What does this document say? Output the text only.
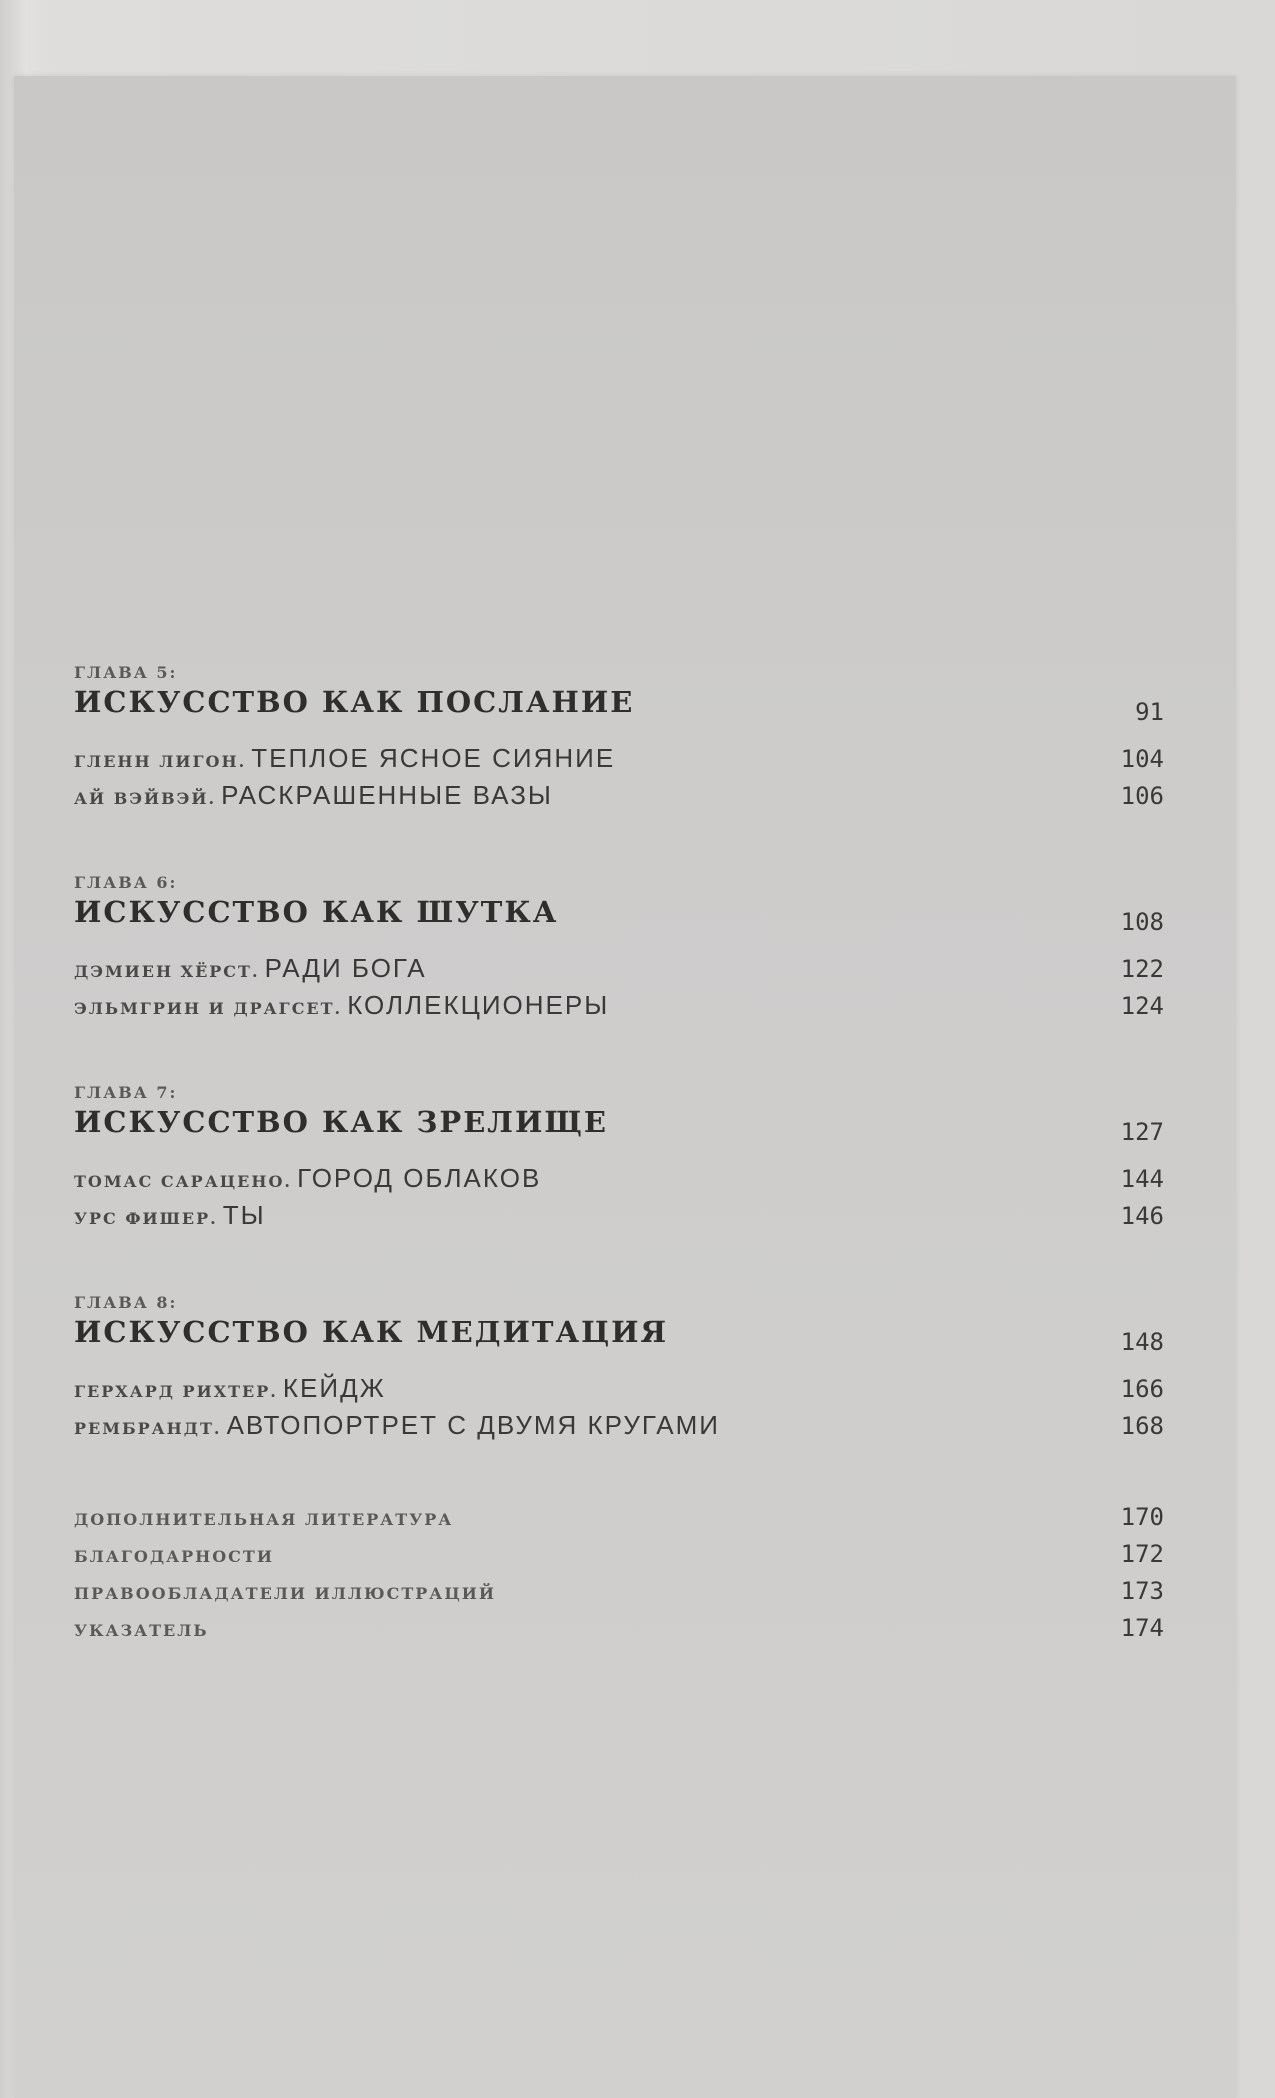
ГЛАВА 5:
ИСКУССТВО КАК ПОСЛАНИЕ	91
ГЛЕНН ЛИГОН. ТЕПЛОЕ ЯСНОЕ СИЯНИЕ	104
АЙ ВЭЙВЭЙ. РАСКРАШЕННЫЕ ВАЗЫ	106
ГЛАВА 6:
ИСКУССТВО КАК ШУТКА	108
ДЭМИЕН ХЁРСТ. РАДИ БОГА	122
ЭЛЬМГРИН И ДРАГСЕТ. КОЛЛЕКЦИОНЕРЫ	124
ГЛАВА 7:
ИСКУССТВО КАК ЗРЕЛИЩЕ	127
ТОМАС САРАЦЕНО. ГОРОД ОБЛАКОВ	144
УРС ФИШЕР. ТЫ	146
ГЛАВА 8:
ИСКУССТВО КАК МЕДИТАЦИЯ	148
ГЕРХАРД РИХТЕР. КЕЙДЖ	166
РЕМБРАНДТ. АВТОПОРТРЕТ С ДВУМЯ КРУГАМИ	168
ДОПОЛНИТЕЛЬНАЯ ЛИТЕРАТУРА	170
БЛАГОДАРНОСТИ	172
ПРАВООБЛАДАТЕЛИ ИЛЛЮСТРАЦИЙ	173
УКАЗАТЕЛЬ	174
